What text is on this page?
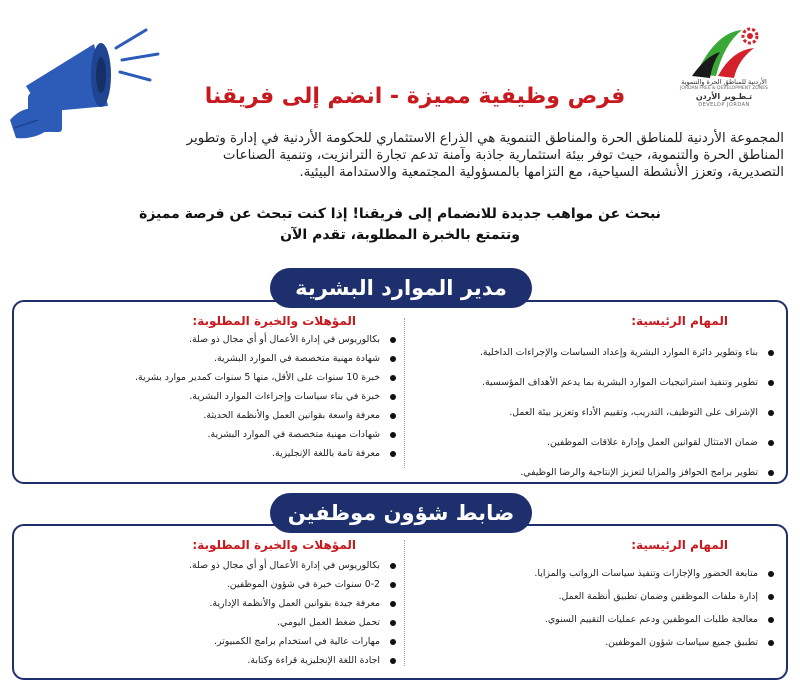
الأردنية للمناطق الحرة والتنموية
JORDAN FREE & DEVELOPMENT ZONES
تـطـوير الأردن
DEVELOP JORDAN
فرص وظيفية مميزة - انضم إلى فريقنا
المجموعة الأردنية للمناطق الحرة والمناطق التنموية هي الذراع الاستثماري للحكومة الأردنية في إدارة وتطوير
المناطق الحرة والتنموية، حيث توفر بيئة استثمارية جاذبة وآمنة تدعم تجارة الترانزيت، وتنمية الصناعات
التصديرية، وتعزز الأنشطة السياحية، مع التزامها بالمسؤولية المجتمعية والاستدامة البيئية.
نبحث عن مواهب جديدة للانضمام إلى فريقنا! إذا كنت تبحث عن فرصة مميزة
وتتمتع بالخبرة المطلوبة، تقدم الآن
مدير الموارد البشرية
المهام الرئيسية:
بناء وتطوير دائرة الموارد البشرية وإعداد السياسات والإجراءات الداخلية.
تطوير وتنفيذ استراتيجيات الموارد البشرية بما يدعم الأهداف المؤسسية.
الإشراف على التوظيف، التدريب، وتقييم الأداء وتعزيز بيئة العمل.
ضمان الامتثال لقوانين العمل وإدارة علاقات الموظفين.
تطوير برامج الحوافز والمزايا لتعزيز الإنتاجية والرضا الوظيفي.
المؤهلات والخبرة المطلوبة:
بكالوريوس في إدارة الأعمال أو أي مجال ذو صلة.
شهادة مهنية متخصصة في الموارد البشرية.
خبرة 10 سنوات على الأقل، منها 5 سنوات كمدير موارد بشرية.
خبرة في بناء سياسات وإجراءات الموارد البشرية.
معرفة واسعة بقوانين العمل والأنظمة الحديثة.
شهادات مهنية متخصصة في الموارد البشرية.
معرفة تامة باللغة الإنجليزية.
ضابط شؤون موظفين
المهام الرئيسية:
متابعة الحضور والإجازات وتنفيذ سياسات الرواتب والمزايا.
إدارة ملفات الموظفين وضمان تطبيق أنظمة العمل.
معالجة طلبات الموظفين ودعم عمليات التقييم السنوي.
تطبيق جميع سياسات شؤون الموظفين.
المؤهلات والخبرة المطلوبة:
بكالوريوس في إدارة الأعمال أو أي مجال ذو صلة.
0-2 سنوات خبرة في شؤون الموظفين.
معرفة جيدة بقوانين العمل والأنظمة الإدارية.
تحمل ضغط العمل اليومي.
مهارات عالية في استخدام برامج الكمبيوتر.
اجادة اللغة الإنجليزية قراءة وكتابة.
